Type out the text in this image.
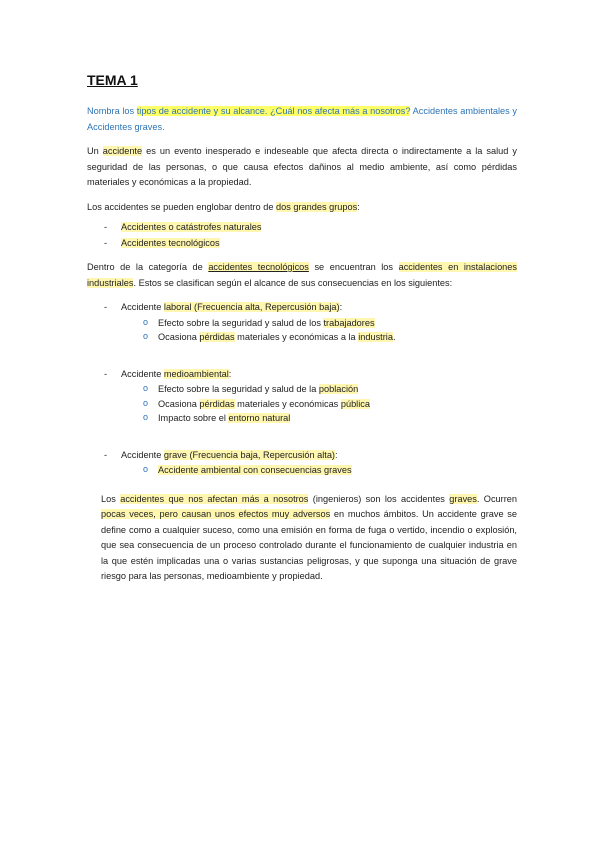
TEMA 1

Nombra los tipos de accidente y su alcance. ¿Cuál nos afecta más a nosotros? Accidentes ambientales y Accidentes graves.

Un accidente es un evento inesperado e indeseable que afecta directa o indirectamente a la salud y seguridad de las personas, o que causa efectos dañinos al medio ambiente, así como pérdidas materiales y económicas a la propiedad.

Los accidentes se pueden englobar dentro de dos grandes grupos:

- Accidentes o catástrofes naturales
- Accidentes tecnológicos

Dentro de la categoría de accidentes tecnológicos se encuentran los accidentes en instalaciones industriales. Estos se clasifican según el alcance de sus consecuencias en los siguientes:

- Accidente laboral (Frecuencia alta, Repercusión baja):
o Efecto sobre la seguridad y salud de los trabajadores
o Ocasiona pérdidas materiales y económicas a la industria.
- Accidente medioambiental:
o Efecto sobre la seguridad y salud de la población
o Ocasiona pérdidas materiales y económicas pública
o Impacto sobre el entorno natural
- Accidente grave (Frecuencia baja, Repercusión alta):
o Accidente ambiental con consecuencias graves

Los accidentes que nos afectan más a nosotros (ingenieros) son los accidentes graves. Ocurren pocas veces, pero causan unos efectos muy adversos en muchos ámbitos. Un accidente grave se define como a cualquier suceso, como una emisión en forma de fuga o vertido, incendio o explosión, que sea consecuencia de un proceso controlado durante el funcionamiento de cualquier industria en la que estén implicadas una o varias sustancias peligrosas, y que suponga una situación de grave riesgo para las personas, medioambiente y propiedad.
